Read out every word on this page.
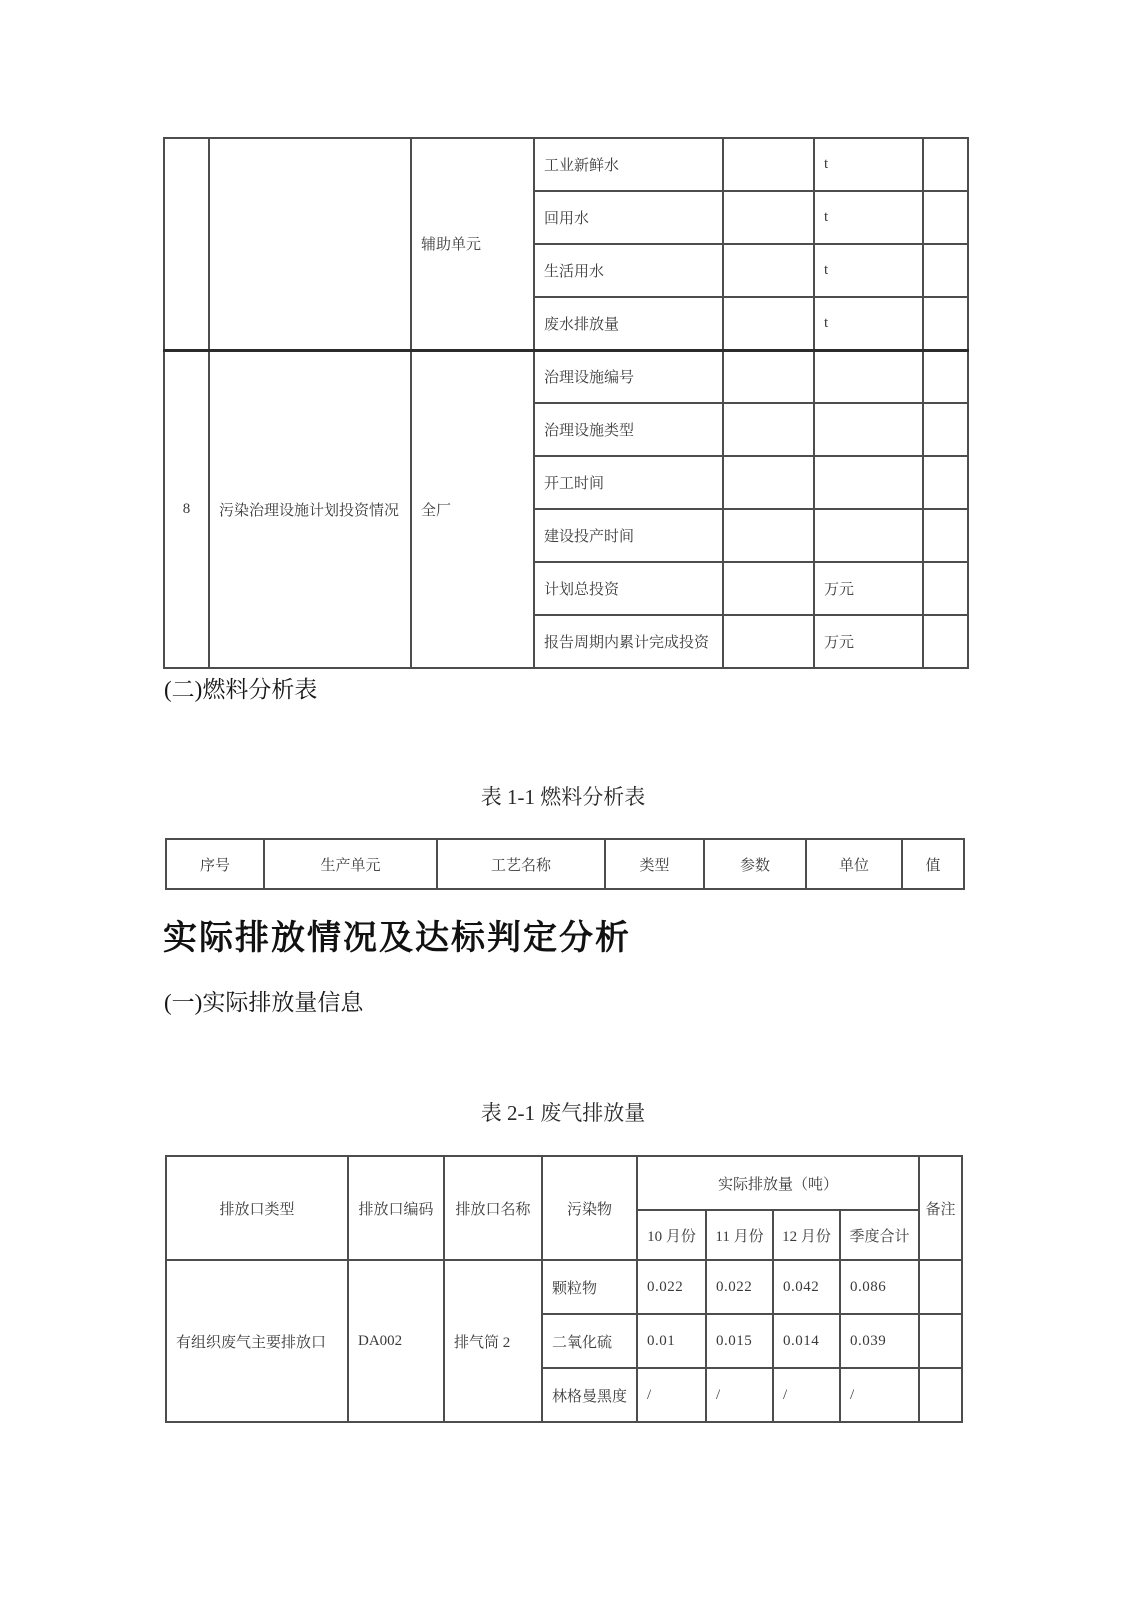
		辅助单元	工业新鲜水		t	
			回用水		t	
			生活用水		t	
			废水排放量		t	
8	污染治理设施计划投资情况	全厂	治理设施编号			
			治理设施类型			
			开工时间			
			建设投产时间			
			计划总投资		万元	
			报告周期内累计完成投资		万元	
(二)燃料分析表
表 1-1 燃料分析表
序号	生产单元	工艺名称	类型	参数	单位	值
实际排放情况及达标判定分析
(一)实际排放量信息
表 2-1 废气排放量
排放口类型	排放口编码	排放口名称	污染物	实际排放量（吨）				备注
				10 月份	11 月份	12 月份	季度合计	
有组织废气主要排放口	DA002	排气筒 2	颗粒物	0.022	0.022	0.042	0.086	
			二氧化硫	0.01	0.015	0.014	0.039	
			林格曼黑度	/	/	/	/	
